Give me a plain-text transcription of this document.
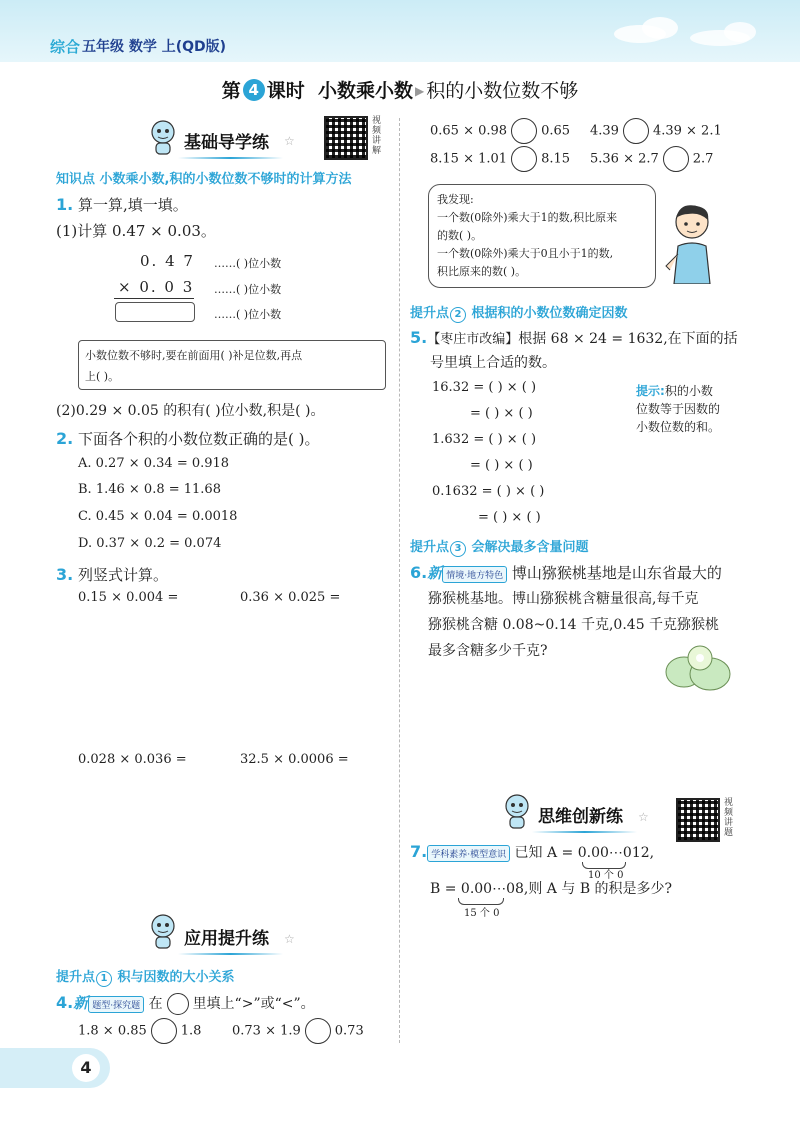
综合 五年级 数学 上(QD版)
第 4 课时 小数乘小数 ▶ 积的小数位数不够
基础导学练 ☆
视频讲解
知识点 小数乘小数,积的小数位数不够时的计算方法
1. 算一算,填一填。
(1)计算 0.47 × 0.03。
0. 4 7 ……( )位小数
× 0. 0 3 ……( )位小数
……( )位小数
小数位数不够时,要在前面用( )补足位数,再点
上( )。
(2)0.29 × 0.05 的积有( )位小数,积是( )。
2. 下面各个积的小数位数正确的是( )。
A. 0.27 × 0.34 = 0.918
B. 1.46 × 0.8 = 11.68
C. 0.45 × 0.04 = 0.0018
D. 0.37 × 0.2 = 0.074
3. 列竖式计算。
0.15 × 0.004 =	0.36 × 0.025 =
0.028 × 0.036 =	32.5 × 0.0006 =
应用提升练 ☆
提升点 1 积与因数的大小关系
4.新 题型·探究题 在 里填上“>”或“<”。
1.8 × 0.85	1.8 0.73 × 1.9	0.73
4
0.65 × 0.98	0.65 4.39	4.39 × 2.1
8.15 × 1.01	8.15 5.36 × 2.7	2.7
我发现:
一个数(0除外)乘大于1的数,积比原来
的数( )。
一个数(0除外)乘大于0且小于1的数,
积比原来的数( )。
提升点 2 根据积的小数位数确定因数
5.【枣庄市改编】根据 68 × 24 = 1632,在下面的括
号里填上合适的数。
16.32 = ( ) × ( )
= ( ) × ( )
1.632 = ( ) × ( )
= ( ) × ( )
0.1632 = ( ) × ( )
= ( ) × ( )
提示:积的小数
位数等于因数的
小数位数的和。
提升点 3 会解决最多含量问题
6.新 情境·地方特色 博山猕猴桃基地是山东省最大的
猕猴桃基地。博山猕猴桃含糖量很高,每千克
猕猴桃含糖 0.08~0.14 千克,0.45 千克猕猴桃
最多含糖多少千克?
思维创新练 ☆
视频讲题
7. 学科素养·模型意识 已知 A = 0.00⋯012,
10 个 0
B = 0.00⋯08,则 A 与 B 的积是多少?
15 个 0
